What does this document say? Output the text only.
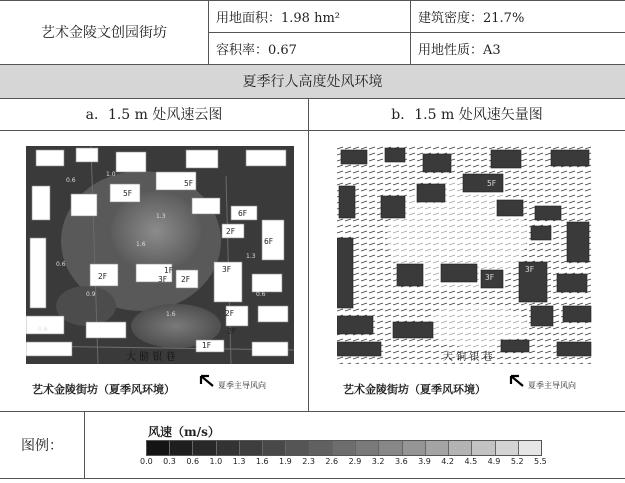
艺术金陵文创园街坊
用地面积：1.98 hm²	建筑密度：21.7%
容积率：0.67	用地性质：A3
夏季行人高度处风环境
a．1.5 m 处风速云图	b．1.5 m 处风速矢量图
0.6
1.0
1.3
1.6
0.6
1.3
1.6
0.9	0.6
0.6
5F
5F
6F
2F
6F
2F
1F
3F 2F
3F
2F
2F
1F
大 膀 银 巷
艺术金陵街坊（夏季风环境）	夏季主导风向
5F
3F
3F
大 铜 银 巷
艺术金陵街坊（夏季风环境）	夏季主导风向
图例：
风速（m/s）
0.0 0.3 0.6 1.0 1.3 1.6 1.9 2.3 2.6 2.9 3.2 3.6 3.9 4.2 4.5 4.9 5.2 5.5
